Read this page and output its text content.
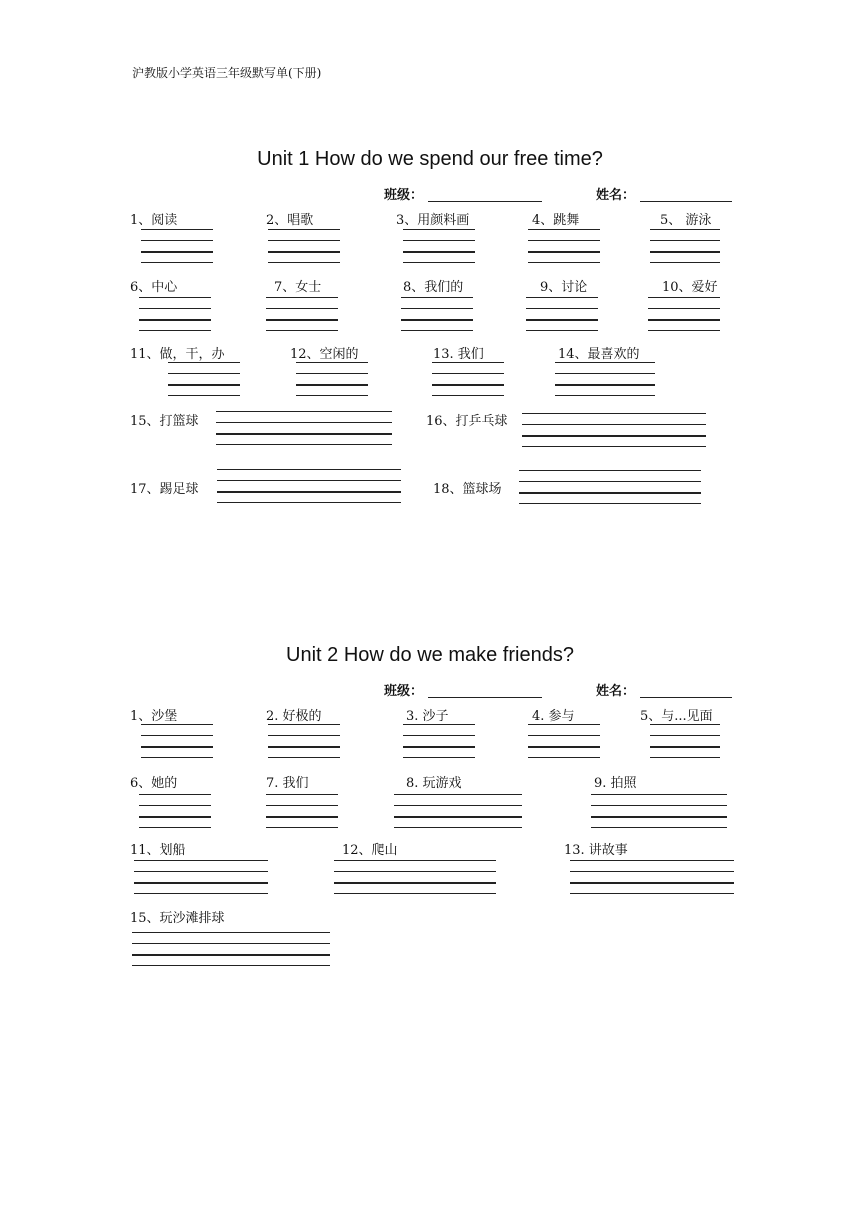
沪教版小学英语三年级默写单(下册)
Unit 1 How do we spend our free time?
班级：	姓名：
1、阅读	2、唱歌	3、用颜料画	4、跳舞	5、 游泳
6、中心	7、女士	8、我们的	9、讨论	10、爱好
11、做，干，办	12、空闲的	13. 我们	14、最喜欢的
15、打篮球	16、打乒乓球
17、踢足球	18、篮球场
Unit 2 How do we make friends?
班级：	姓名：
1、沙堡	2. 好极的	3. 沙子	4. 参与	5、与...见面
6、她的	7. 我们	8. 玩游戏	9. 拍照
11、划船	12、爬山	13. 讲故事
15、玩沙滩排球
